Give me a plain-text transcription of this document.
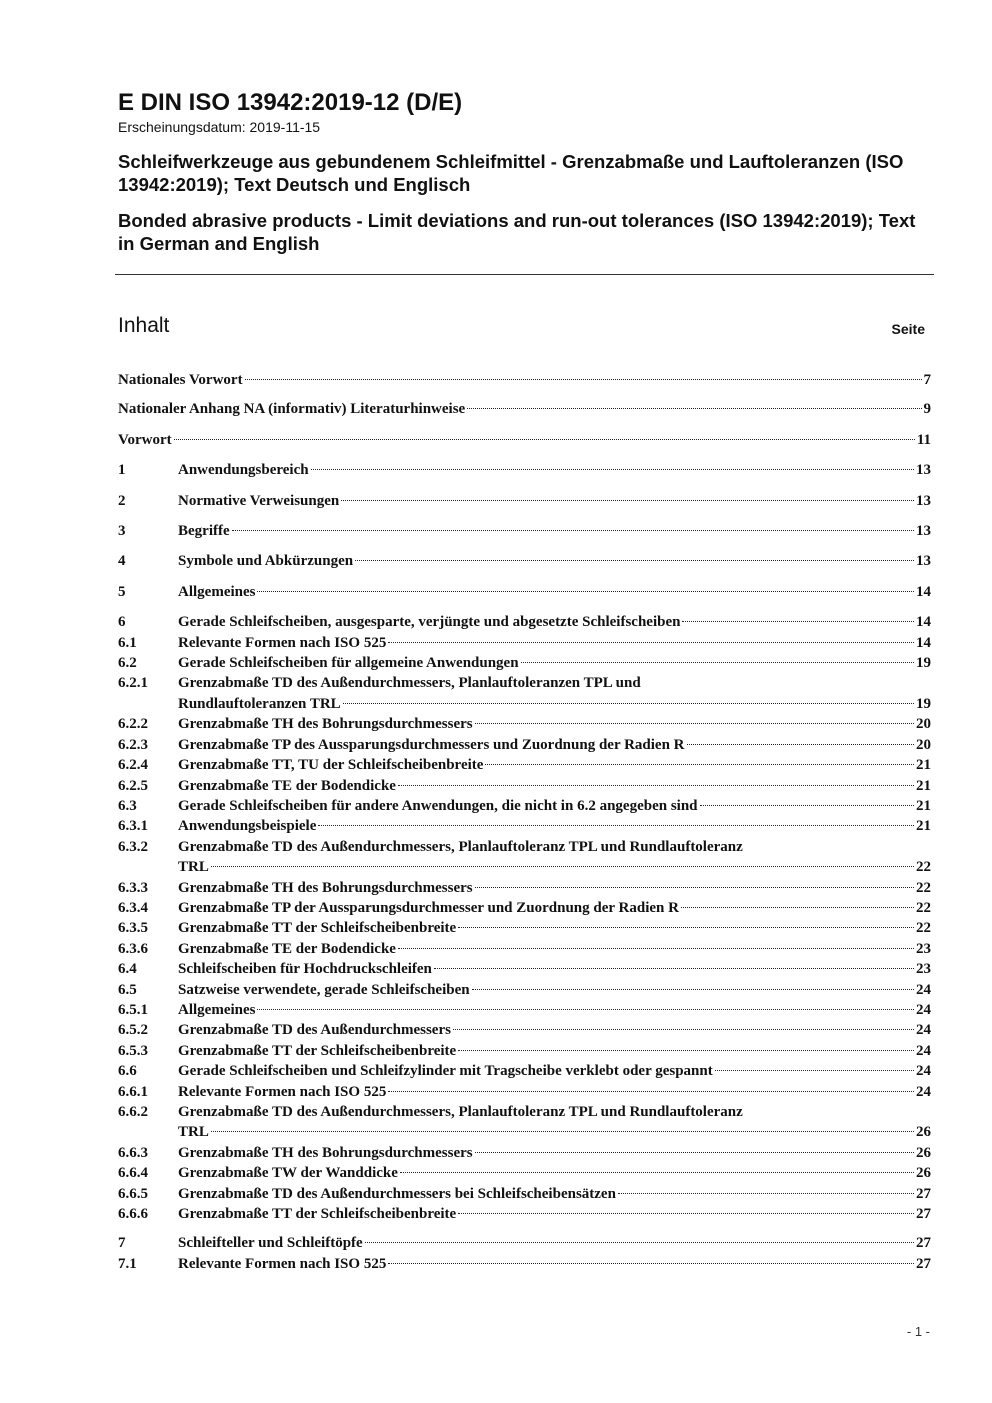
E DIN ISO 13942:2019-12 (D/E)

Erscheinungsdatum: 2019-11-15

Schleifwerkzeuge aus gebundenem Schleifmittel - Grenzabmaße und Lauftoleranzen (ISO 13942:2019); Text Deutsch und Englisch

Bonded abrasive products - Limit deviations and run-out tolerances (ISO 13942:2019); Text in German and English

Inhalt	Seite
Nationales Vorwort	7
Nationaler Anhang NA (informativ) Literaturhinweise	9
Vorwort	11
1	Anwendungsbereich	13
2	Normative Verweisungen	13
3	Begriffe	13
4	Symbole und Abkürzungen	13
5	Allgemeines	14
6	Gerade Schleifscheiben, ausgesparte, verjüngte und abgesetzte Schleifscheiben	14
6.1	Relevante Formen nach ISO 525	14
6.2	Gerade Schleifscheiben für allgemeine Anwendungen	19
6.2.1	Grenzabmaße TD des Außendurchmessers, Planlauftoleranzen TPL und
Rundlauftoleranzen TRL	19
6.2.2	Grenzabmaße TH des Bohrungsdurchmessers	20
6.2.3	Grenzabmaße TP des Aussparungsdurchmessers und Zuordnung der Radien R	20
6.2.4	Grenzabmaße TT, TU der Schleifscheibenbreite	21
6.2.5	Grenzabmaße TE der Bodendicke	21
6.3	Gerade Schleifscheiben für andere Anwendungen, die nicht in 6.2 angegeben sind	21
6.3.1	Anwendungsbeispiele	21
6.3.2	Grenzabmaße TD des Außendurchmessers, Planlauftoleranz TPL und Rundlauftoleranz
TRL	22
6.3.3	Grenzabmaße TH des Bohrungsdurchmessers	22
6.3.4	Grenzabmaße TP der Aussparungsdurchmesser und Zuordnung der Radien R	22
6.3.5	Grenzabmaße TT der Schleifscheibenbreite	22
6.3.6	Grenzabmaße TE der Bodendicke	23
6.4	Schleifscheiben für Hochdruckschleifen	23
6.5	Satzweise verwendete, gerade Schleifscheiben	24
6.5.1	Allgemeines	24
6.5.2	Grenzabmaße TD des Außendurchmessers	24
6.5.3	Grenzabmaße TT der Schleifscheibenbreite	24
6.6	Gerade Schleifscheiben und Schleifzylinder mit Tragscheibe verklebt oder gespannt	24
6.6.1	Relevante Formen nach ISO 525	24
6.6.2	Grenzabmaße TD des Außendurchmessers, Planlauftoleranz TPL und Rundlauftoleranz
TRL	26
6.6.3	Grenzabmaße TH des Bohrungsdurchmessers	26
6.6.4	Grenzabmaße TW der Wanddicke	26
6.6.5	Grenzabmaße TD des Außendurchmessers bei Schleifscheibensätzen	27
6.6.6	Grenzabmaße TT der Schleifscheibenbreite	27
7	Schleifteller und Schleiftöpfe	27
7.1	Relevante Formen nach ISO 525	27
- 1 -
